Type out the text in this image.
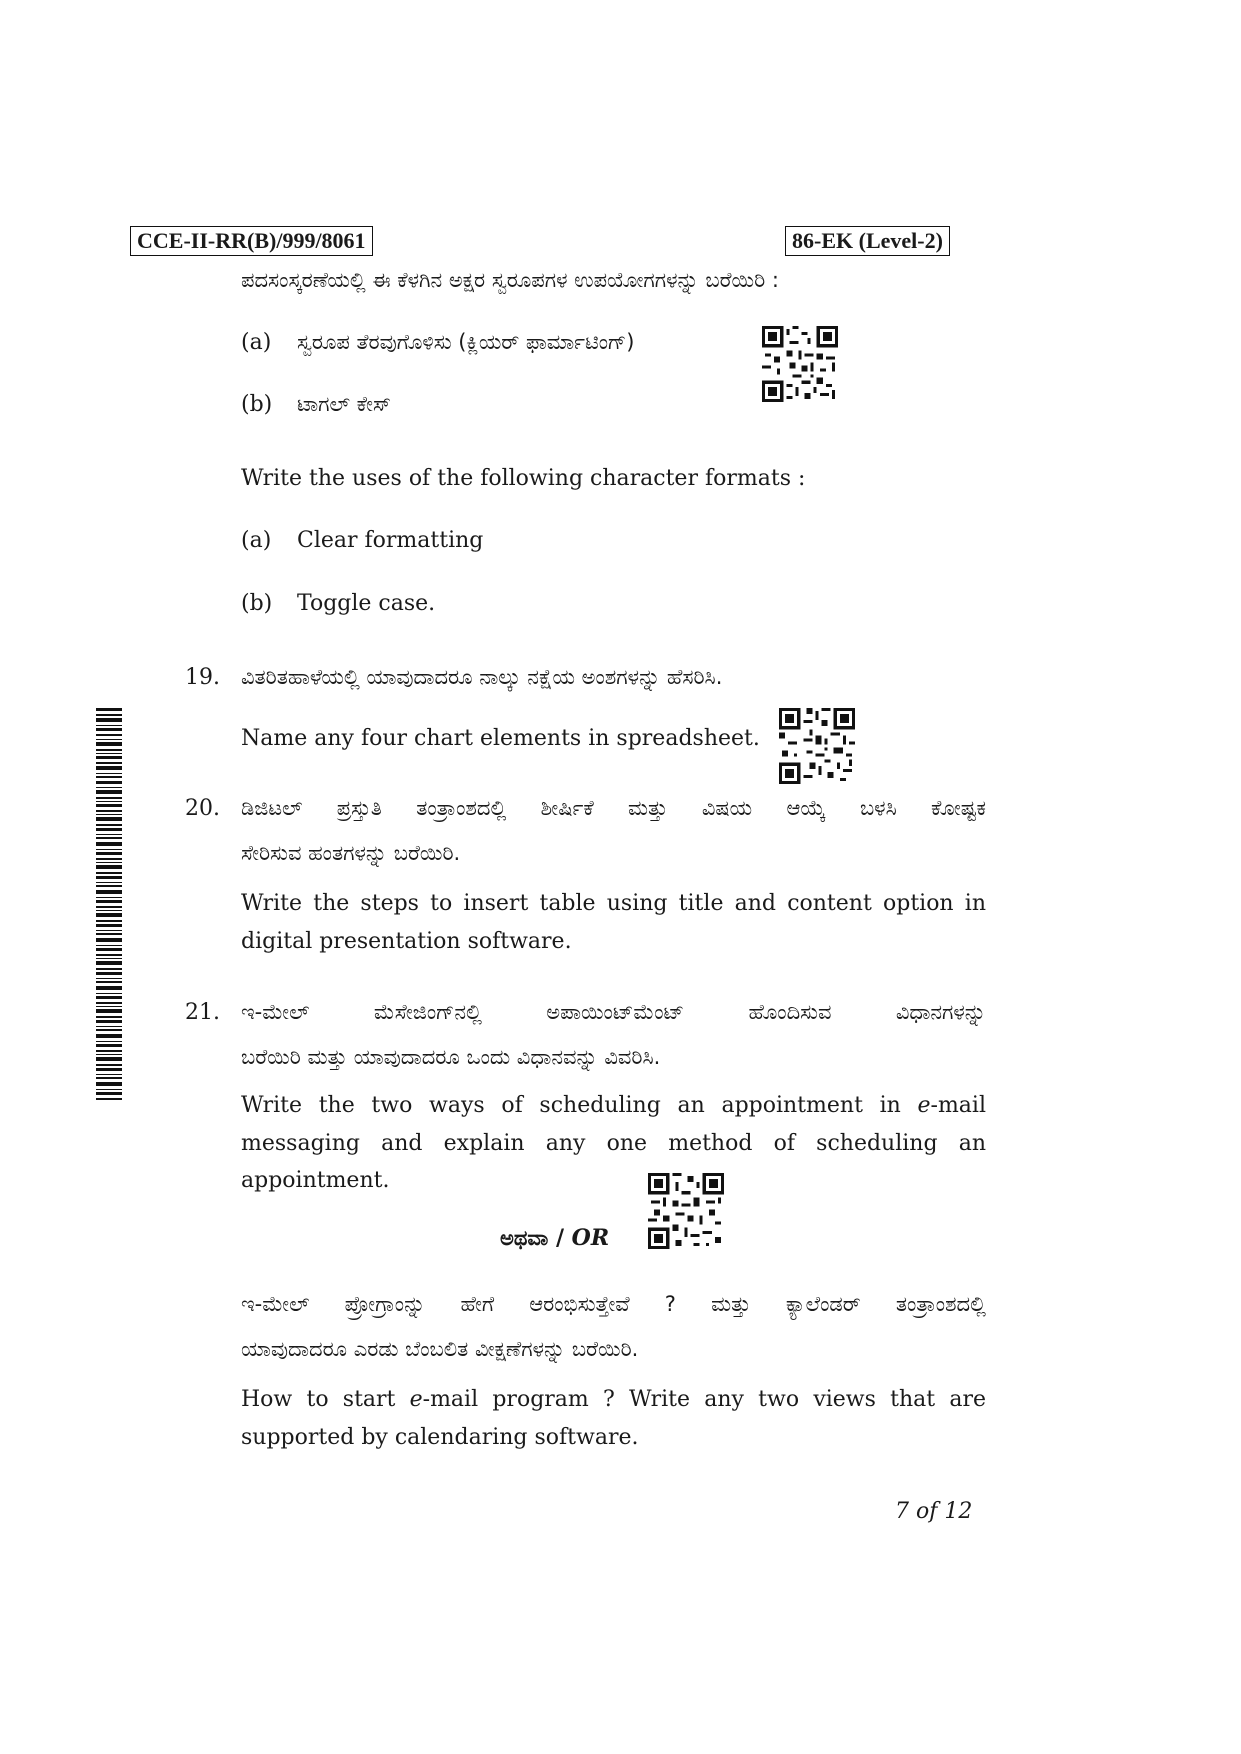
CCE-II-RR(B)/999/8061	86-EK (Level-2)
ಪದಸಂಸ್ಕರಣೆಯಲ್ಲಿ ಈ ಕೆಳಗಿನ ಅಕ್ಷರ ಸ್ವರೂಪಗಳ ಉಪಯೋಗಗಳನ್ನು ಬರೆಯಿರಿ :
(a) ಸ್ವರೂಪ ತೆರವುಗೊಳಿಸು (ಕ್ಲಿಯರ್ ಫಾರ್ಮಾಟಿಂಗ್)
(b) ಟಾಗಲ್ ಕೇಸ್
Write the uses of the following character formats :
(a) Clear formatting
(b) Toggle case.
19. ವಿತರಿತಹಾಳೆಯಲ್ಲಿ ಯಾವುದಾದರೂ ನಾಲ್ಕು ನಕ್ಷೆಯ ಅಂಶಗಳನ್ನು ಹೆಸರಿಸಿ.
Name any four chart elements in spreadsheet.
20. ಡಿಜಿಟಲ್ ಪ್ರಸ್ತುತಿ ತಂತ್ರಾಂಶದಲ್ಲಿ ಶೀರ್ಷಿಕೆ ಮತ್ತು ವಿಷಯ ಆಯ್ಕೆ ಬಳಸಿ ಕೋಷ್ಟಕ
ಸೇರಿಸುವ ಹಂತಗಳನ್ನು ಬರೆಯಿರಿ.
Write the steps to insert table using title and content option in
digital presentation software.
21. ಇ-ಮೇಲ್ ಮೆಸೇಜಿಂಗ್‌ನಲ್ಲಿ ಅಪಾಯಿಂಟ್‌ಮೆಂಟ್ ಹೊಂದಿಸುವ ವಿಧಾನಗಳನ್ನು
ಬರೆಯಿರಿ ಮತ್ತು ಯಾವುದಾದರೂ ಒಂದು ವಿಧಾನವನ್ನು ವಿವರಿಸಿ.
Write the two ways of scheduling an appointment in e-mail
messaging and explain any one method of scheduling an
appointment.
ಅಥವಾ / OR
ಇ-ಮೇಲ್ ಪ್ರೋಗ್ರಾಂನ್ನು ಹೇಗೆ ಆರಂಭಿಸುತ್ತೇವೆ ? ಮತ್ತು ಕ್ಯಾಲೆಂಡರ್ ತಂತ್ರಾಂಶದಲ್ಲಿ
ಯಾವುದಾದರೂ ಎರಡು ಬೆಂಬಲಿತ ವೀಕ್ಷಣೆಗಳನ್ನು ಬರೆಯಿರಿ.
How to start e-mail program ? Write any two views that are
supported by calendaring software.
7 of 12
